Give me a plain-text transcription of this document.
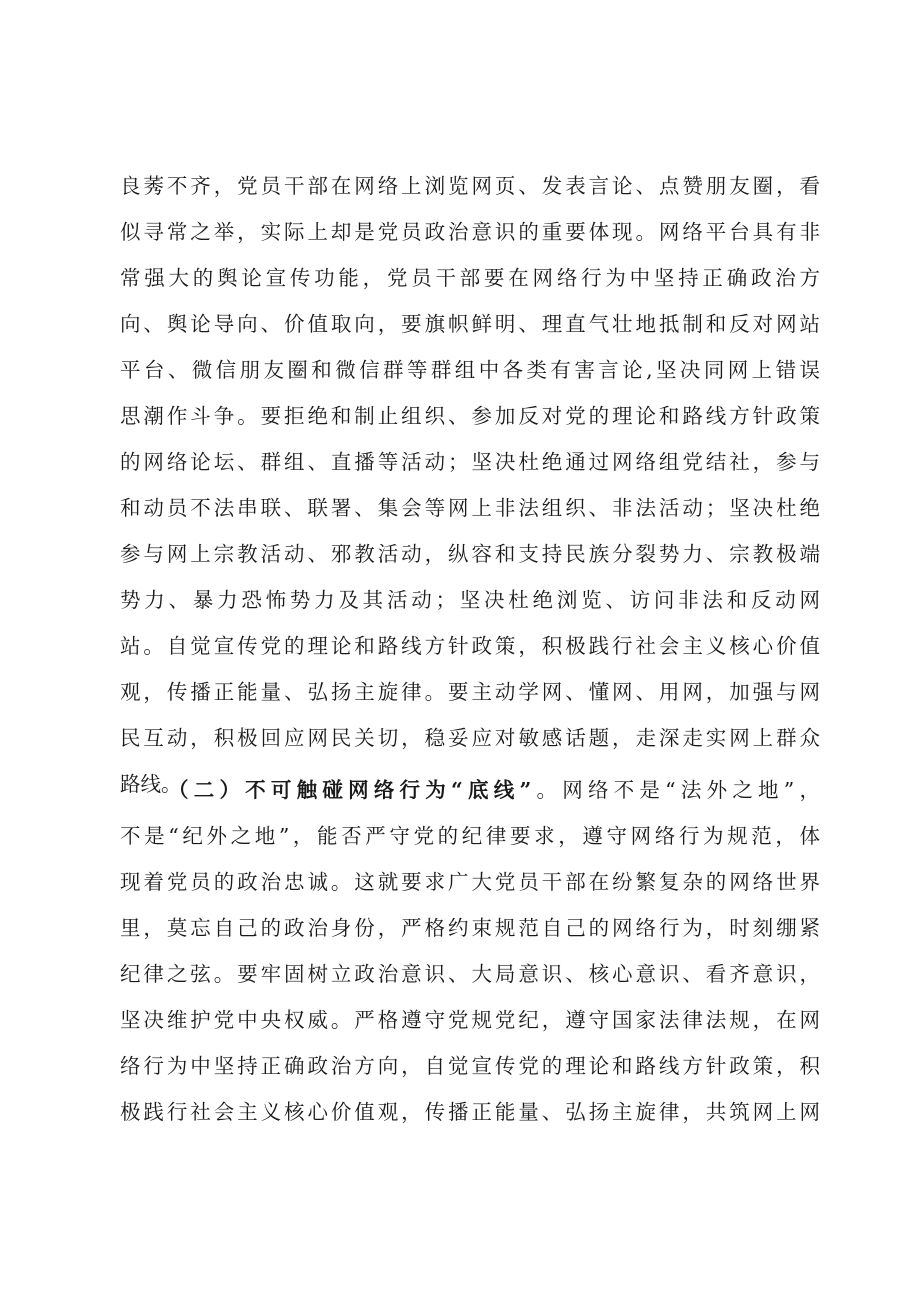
良莠不齐，党员干部在网络上浏览网页、发表言论、点赞朋友圈，看
似寻常之举，实际上却是党员政治意识的重要体现。网络平台具有非
常强大的舆论宣传功能，党员干部要在网络行为中坚持正确政治方
向、舆论导向、价值取向，要旗帜鲜明、理直气壮地抵制和反对网站
平台、微信朋友圈和微信群等群组中各类有害言论,坚决同网上错误
思潮作斗争。要拒绝和制止组织、参加反对党的理论和路线方针政策
的网络论坛、群组、直播等活动；坚决杜绝通过网络组党结社，参与
和动员不法串联、联署、集会等网上非法组织、非法活动；坚决杜绝
参与网上宗教活动、邪教活动，纵容和支持民族分裂势力、宗教极端
势力、暴力恐怖势力及其活动；坚决杜绝浏览、访问非法和反动网
站。自觉宣传党的理论和路线方针政策，积极践行社会主义核心价值
观，传播正能量、弘扬主旋律。要主动学网、懂网、用网，加强与网
民互动，积极回应网民关切，稳妥应对敏感话题，走深走实网上群众
路线。
（二）不可触碰网络行为“底线”。网络不是“法外之地”，
不是“纪外之地”，能否严守党的纪律要求，遵守网络行为规范，体
现着党员的政治忠诚。这就要求广大党员干部在纷繁复杂的网络世界
里，莫忘自己的政治身份，严格约束规范自己的网络行为，时刻绷紧
纪律之弦。要牢固树立政治意识、大局意识、核心意识、看齐意识，
坚决维护党中央权威。严格遵守党规党纪，遵守国家法律法规，在网
络行为中坚持正确政治方向，自觉宣传党的理论和路线方针政策，积
极践行社会主义核心价值观，传播正能量、弘扬主旋律，共筑网上网
